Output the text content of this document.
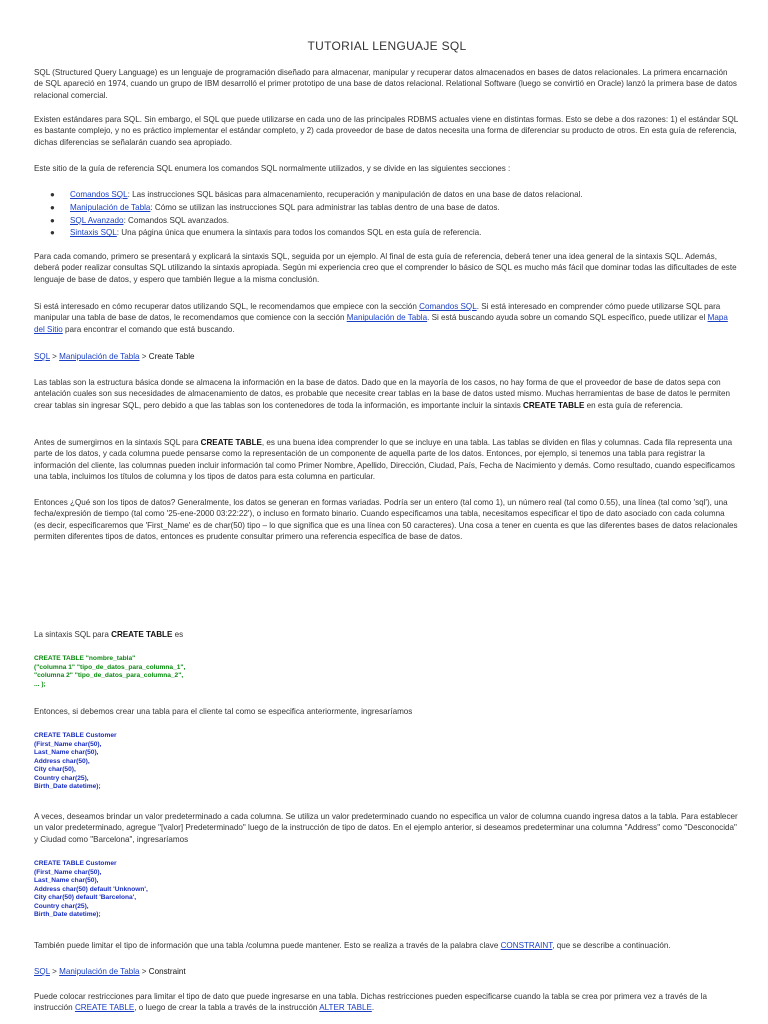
TUTORIAL LENGUAJE SQL
SQL (Structured Query Language) es un lenguaje de programación diseñado para almacenar, manipular y recuperar datos almacenados en bases de datos relacionales. La primera encarnación de SQL apareció en 1974, cuando un grupo de IBM desarrolló el primer prototipo de una base de datos relacional. Relational Software (luego se convirtió en Oracle) lanzó la primera base de datos relacional comercial.
Existen estándares para SQL. Sin embargo, el SQL que puede utilizarse en cada uno de las principales RDBMS actuales viene en distintas formas. Esto se debe a dos razones: 1) el estándar SQL es bastante complejo, y no es práctico implementar el estándar completo, y 2) cada proveedor de base de datos necesita una forma de diferenciar su producto de otros. En esta guía de referencia, dichas diferencias se señalarán cuando sea apropiado.
Este sitio de la guía de referencia SQL enumera los comandos SQL normalmente utilizados, y se divide en las siguientes secciones :
● Comandos SQL: Las instrucciones SQL básicas para almacenamiento, recuperación y manipulación de datos en una base de datos relacional.
● Manipulación de Tabla: Cómo se utilizan las instrucciones SQL para administrar las tablas dentro de una base de datos.
● SQL Avanzado: Comandos SQL avanzados.
● Sintaxis SQL: Una página única que enumera la sintaxis para todos los comandos SQL en esta guía de referencia.
Para cada comando, primero se presentará y explicará la sintaxis SQL, seguida por un ejemplo. Al final de esta guía de referencia, deberá tener una idea general de la sintaxis SQL. Además, deberá poder realizar consultas SQL utilizando la sintaxis apropiada. Según mi experiencia creo que el comprender lo básico de SQL es mucho más fácil que dominar todas las dificultades de este lenguaje de base de datos, y espero que también llegue a la misma conclusión.
Si está interesado en cómo recuperar datos utilizando SQL, le recomendamos que empiece con la sección Comandos SQL. Si está interesado en comprender cómo puede utilizarse SQL para manipular una tabla de base de datos, le recomendamos que comience con la sección Manipulación de Tabla. Si está buscando ayuda sobre un comando SQL específico, puede utilizar el Mapa del Sitio para encontrar el comando que está buscando.
SQL > Manipulación de Tabla > Create Table
Las tablas son la estructura básica donde se almacena la información en la base de datos. Dado que en la mayoría de los casos, no hay forma de que el proveedor de base de datos sepa con antelación cuales son sus necesidades de almacenamiento de datos, es probable que necesite crear tablas en la base de datos usted mismo. Muchas herramientas de base de datos le permiten crear tablas sin ingresar SQL, pero debido a que las tablas son los contenedores de toda la información, es importante incluir la sintaxis CREATE TABLE en esta guía de referencia.
Antes de sumergirnos en la sintaxis SQL para CREATE TABLE, es una buena idea comprender lo que se incluye en una tabla. Las tablas se dividen en filas y columnas. Cada fila representa una parte de los datos, y cada columna puede pensarse como la representación de un componente de aquella parte de los datos. Entonces, por ejemplo, si tenemos una tabla para registrar la información del cliente, las columnas pueden incluir información tal como Primer Nombre, Apellido, Dirección, Ciudad, País, Fecha de Nacimiento y demás. Como resultado, cuando especificamos una tabla, incluimos los títulos de columna y los tipos de datos para esta columna en particular.
Entonces ¿Qué son los tipos de datos? Generalmente, los datos se generan en formas variadas. Podría ser un entero (tal como 1), un número real (tal como 0.55), una línea (tal como 'sql'), una fecha/expresión de tiempo (tal como '25-ene-2000 03:22:22'), o incluso en formato binario. Cuando especificamos una tabla, necesitamos especificar el tipo de dato asociado con cada columna (es decir, especificaremos que 'First_Name' es de char(50) tipo – lo que significa que es una línea con 50 caracteres). Una cosa a tener en cuenta es que las diferentes bases de datos relacionales permiten diferentes tipos de datos, entonces es prudente consultar primero una referencia específica de base de datos.
La sintaxis SQL para CREATE TABLE es
CREATE TABLE "nombre_tabla"
("columna 1" "tipo_de_datos_para_columna_1",
"columna 2" "tipo_de_datos_para_columna_2",
... );
Entonces, si debemos crear una tabla para el cliente tal como se especifica anteriormente, ingresaríamos
CREATE TABLE Customer
(First_Name char(50),
Last_Name char(50),
Address char(50),
City char(50),
Country char(25),
Birth_Date datetime);
A veces, deseamos brindar un valor predeterminado a cada columna. Se utiliza un valor predeterminado cuando no especifica un valor de columna cuando ingresa datos a la tabla. Para establecer un valor predeterminado, agregue "[valor] Predeterminado" luego de la instrucción de tipo de datos. En el ejemplo anterior, si deseamos predeterminar una columna "Address" como "Desconocida" y Ciudad como "Barcelona", ingresaríamos
CREATE TABLE Customer
(First_Name char(50),
Last_Name char(50),
Address char(50) default 'Unknown',
City char(50) default 'Barcelona',
Country char(25),
Birth_Date datetime);
También puede limitar el tipo de información que una tabla /columna puede mantener. Esto se realiza a través de la palabra clave CONSTRAINT, que se describe a continuación.
SQL > Manipulación de Tabla > Constraint
Puede colocar restricciones para limitar el tipo de dato que puede ingresarse en una tabla. Dichas restricciones pueden especificarse cuando la tabla se crea por primera vez a través de la instrucción CREATE TABLE, o luego de crear la tabla a través de la instrucción ALTER TABLE.
